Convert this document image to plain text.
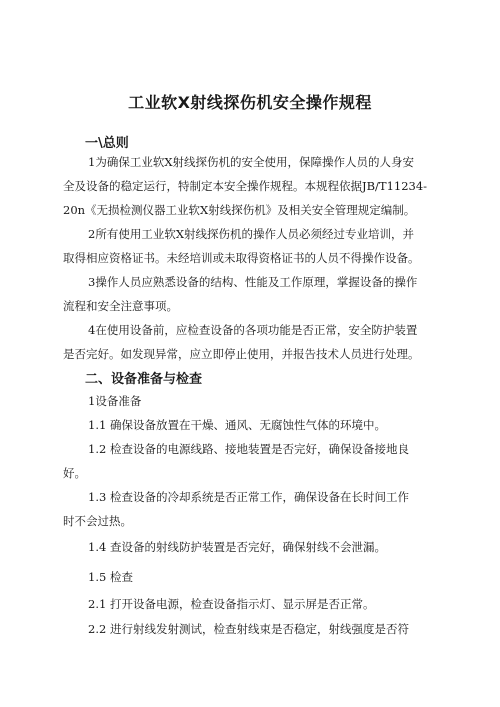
工业软X射线探伤机安全操作规程
一\总则

1为确保工业软X射线探伤机的安全使用，保障操作人员的人身安

全及设备的稳定运行，特制定本安全操作规程。本规程依据JB/T11234-

20n《无损检测仪器工业软X射线探伤机》及相关安全管理规定编制。

2所有使用工业软X射线探伤机的操作人员必须经过专业培训，并

取得相应资格证书。未经培训或未取得资格证书的人员不得操作设备。

3操作人员应熟悉设备的结构、性能及工作原理，掌握设备的操作

流程和安全注意事项。

4在使用设备前，应检查设备的各项功能是否正常，安全防护装置

是否完好。如发现异常，应立即停止使用，并报告技术人员进行处理。

二、设备准备与检查

1设备准备

1.1 确保设备放置在干燥、通风、无腐蚀性气体的环境中。

1.2 检查设备的电源线路、接地装置是否完好，确保设备接地良

好。

1.3 检查设备的冷却系统是否正常工作，确保设备在长时间工作

时不会过热。

1.4 查设备的射线防护装置是否完好，确保射线不会泄漏。

1.5 检查

2.1 打开设备电源，检查设备指示灯、显示屏是否正常。

2.2 进行射线发射测试，检查射线束是否稳定，射线强度是否符
